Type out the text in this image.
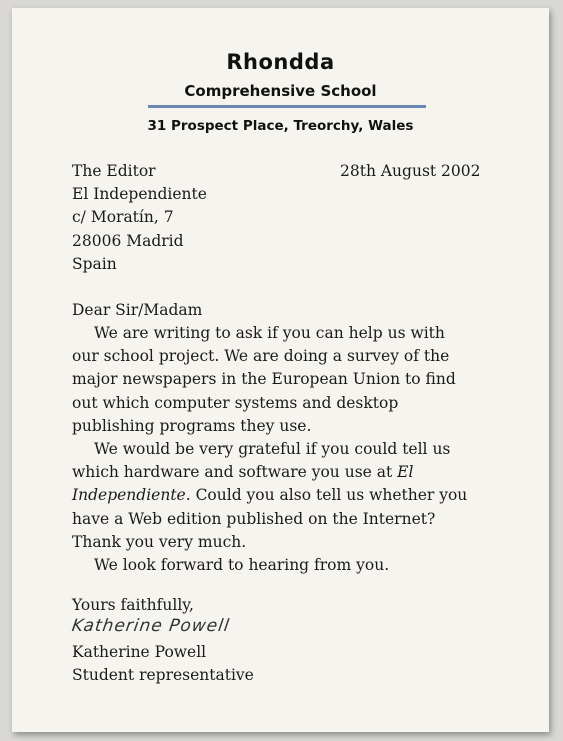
Rhondda
Comprehensive School
31 Prospect Place, Treorchy, Wales
The Editor
El Independiente
c/ Moratín, 7
28006 Madrid
Spain
28th August 2002
Dear Sir/Madam
We are writing to ask if you can help us with
our school project. We are doing a survey of the
major newspapers in the European Union to find
out which computer systems and desktop
publishing programs they use.
We would be very grateful if you could tell us
which hardware and software you use at El
Independiente. Could you also tell us whether you
have a Web edition published on the Internet?
Thank you very much.
We look forward to hearing from you.
Yours faithfully,
Katherine Powell
Katherine Powell
Student representative
